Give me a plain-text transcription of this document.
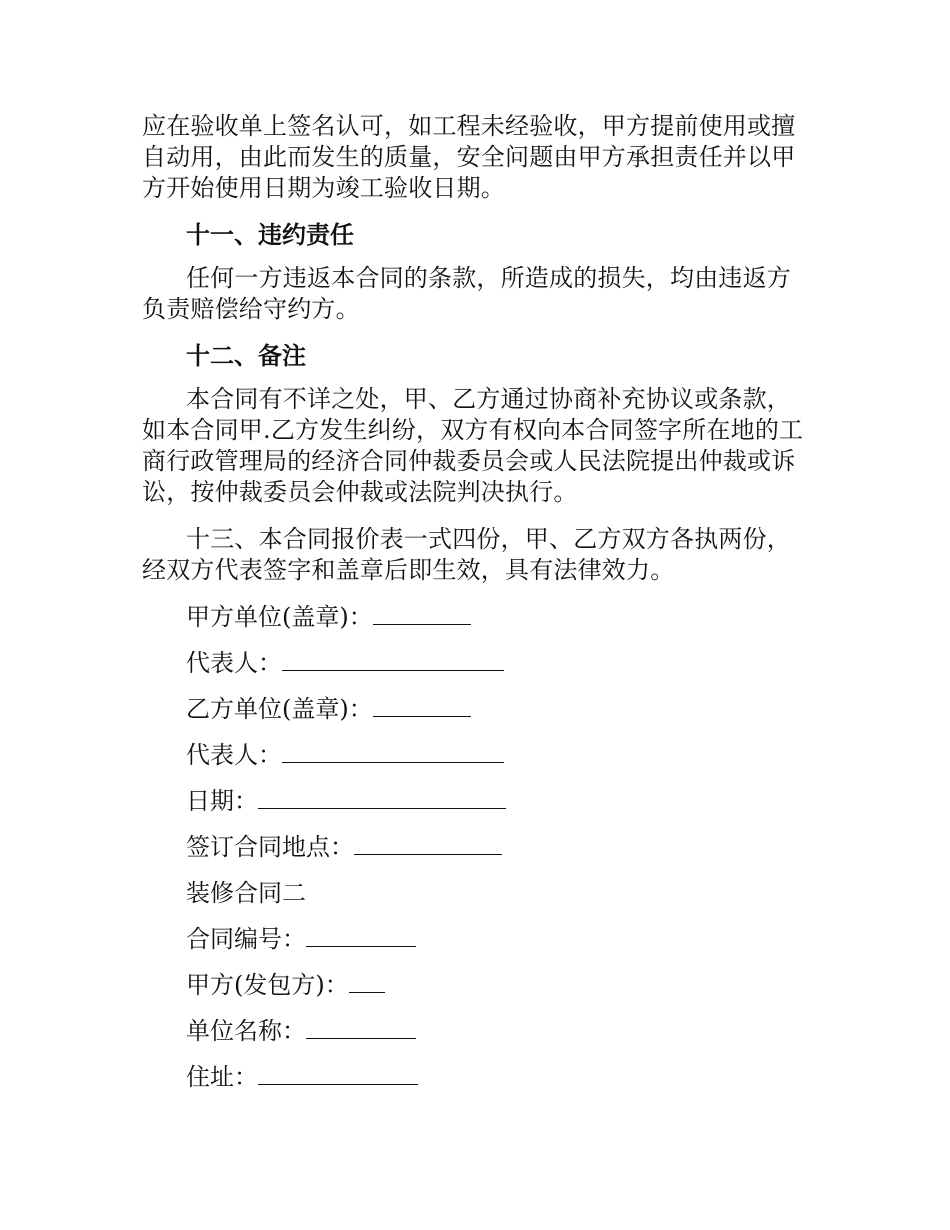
应在验收单上签名认可，如工程未经验收，甲方提前使用或擅自动用，由此而发生的质量，安全问题由甲方承担责任并以甲方开始使用日期为竣工验收日期。

十一、违约责任

任何一方违返本合同的条款，所造成的损失，均由违返方负责赔偿给守约方。

十二、备注

本合同有不详之处，甲、乙方通过协商补充协议或条款，如本合同甲.乙方发生纠纷，双方有权向本合同签字所在地的工商行政管理局的经济合同仲裁委员会或人民法院提出仲裁或诉讼，按仲裁委员会仲裁或法院判决执行。

十三、本合同报价表一式四份，甲、乙方双方各执两份，经双方代表签字和盖章后即生效，具有法律效力。

甲方单位(盖章)：
代表人：
乙方单位(盖章)：
代表人：
日期：
签订合同地点：
装修合同二
合同编号：
甲方(发包方)：
单位名称：
住址：
